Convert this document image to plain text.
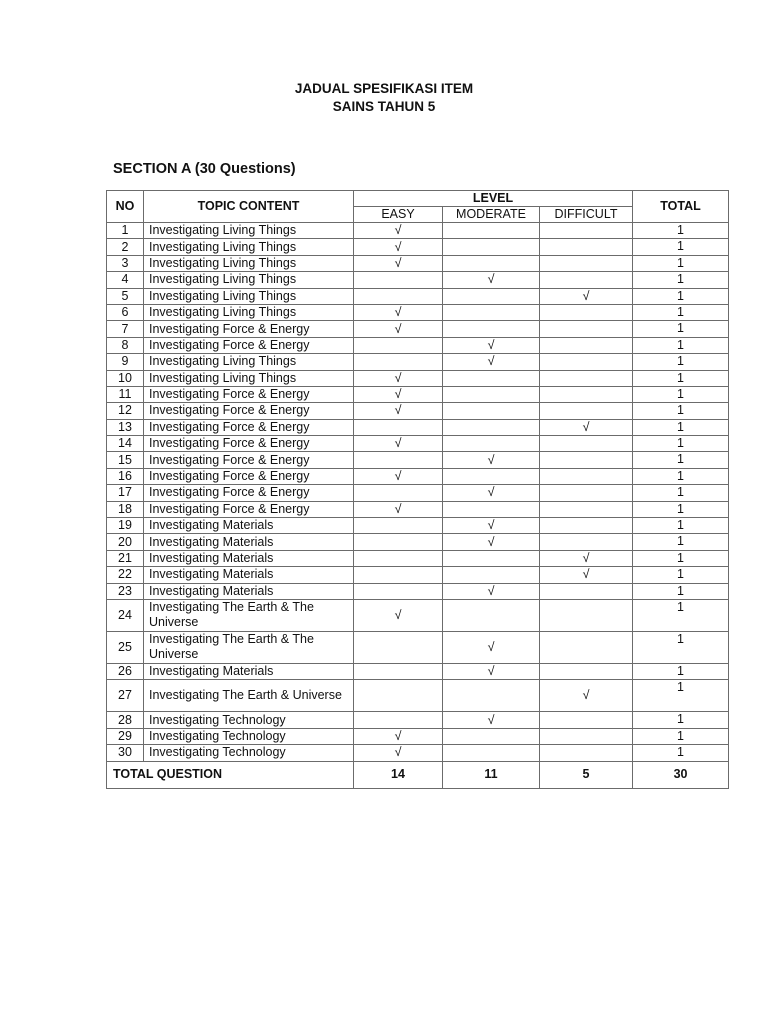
JADUAL SPESIFIKASI ITEM
SAINS TAHUN 5
SECTION A (30 Questions)
NO	TOPIC CONTENT	LEVEL			TOTAL
		EASY	MODERATE	DIFFICULT	
1	Investigating Living Things	√			1
2	Investigating Living Things	√			1
3	Investigating Living Things	√			1
4	Investigating Living Things		√		1
5	Investigating Living Things			√	1
6	Investigating Living Things	√			1
7	Investigating Force & Energy	√			1
8	Investigating Force & Energy		√		1
9	Investigating Living Things		√		1
10	Investigating Living Things	√			1
11	Investigating Force & Energy	√			1
12	Investigating Force & Energy	√			1
13	Investigating Force & Energy			√	1
14	Investigating Force & Energy	√			1
15	Investigating Force & Energy		√		1
16	Investigating Force & Energy	√			1
17	Investigating Force & Energy		√		1
18	Investigating Force & Energy	√			1
19	Investigating Materials		√		1
20	Investigating Materials		√		1
21	Investigating Materials			√	1
22	Investigating Materials			√	1
23	Investigating Materials		√		1
24	Investigating The Earth & The Universe	√			1
25	Investigating The Earth & The Universe		√		1
26	Investigating Materials		√		1
27	Investigating The Earth & Universe			√	1
28	Investigating Technology		√		1
29	Investigating Technology	√			1
30	Investigating Technology	√			1
TOTAL QUESTION		14	11	5	30
